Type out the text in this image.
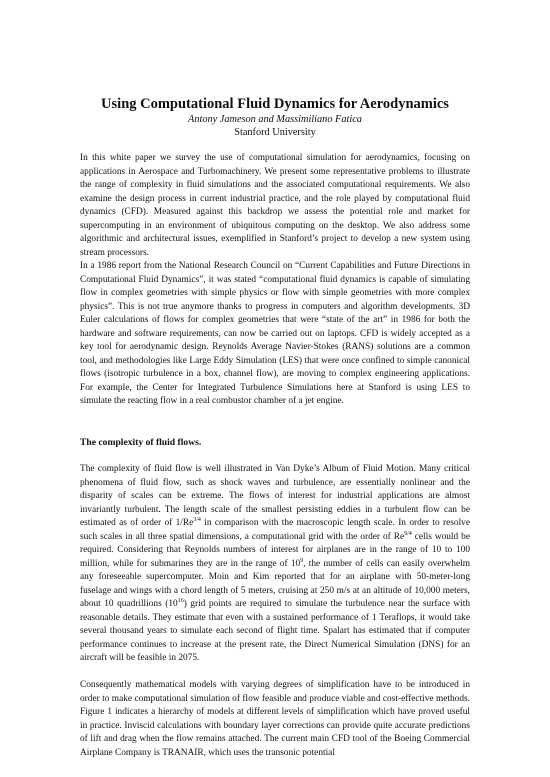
Using Computational Fluid Dynamics for Aerodynamics
Antony Jameson and Massimiliano Fatica
Stanford University

In this white paper we survey the use of computational simulation for aerodynamics, focusing on applications in Aerospace and Turbomachinery. We present some representative problems to illustrate the range of complexity in fluid simulations and the associated computational requirements. We also examine the design process in current industrial practice, and the role played by computational fluid dynamics (CFD). Measured against this backdrop we assess the potential role and market for supercomputing in an environment of ubiquitous computing on the desktop. We also address some algorithmic and architectural issues, exemplified in Stanford’s project to develop a new system using stream processors.

In a 1986 report from the National Research Council on “Current Capabilities and Future Directions in Computational Fluid Dynamics”, it was stated “computational fluid dynamics is capable of simulating flow in complex geometries with simple physics or flow with simple geometries with more complex physics”. This is not true anymore thanks to progress in computers and algorithm developments. 3D Euler calculations of flows for complex geometries that were “state of the art” in 1986 for both the hardware and software requirements, can now be carried out on laptops. CFD is widely accepted as a key tool for aerodynamic design. Reynolds Average Navier-Stokes (RANS) solutions are a common tool, and methodologies like Large Eddy Simulation (LES) that were once confined to simple canonical flows (isotropic turbulence in a box, channel flow), are moving to complex engineering applications. For example, the Center for Integrated Turbulence Simulations here at Stanford is using LES to simulate the reacting flow in a real combustor chamber of a jet engine.

The complexity of fluid flows.

The complexity of fluid flow is well illustrated in Van Dyke’s Album of Fluid Motion. Many critical phenomena of fluid flow, such as shock waves and turbulence, are essentially nonlinear and the disparity of scales can be extreme. The flows of interest for industrial applications are almost invariantly turbulent. The length scale of the smallest persisting eddies in a turbulent flow can be estimated as of order of $1/Re^{3/4}$ in comparison with the macroscopic length scale. In order to resolve such scales in all three spatial dimensions, a computational grid with the order of $Re^{9/4}$ cells would be required. Considering that Reynolds numbers of interest for airplanes are in the range of 10 to 100 million, while for submarines they are in the range of $10^9$, the number of cells can easily overwhelm any foreseeable supercomputer. Moin and Kim reported that for an airplane with 50-meter-long fuselage and wings with a chord length of 5 meters, cruising at 250 m/s at an altitude of 10,000 meters, about 10 quadrillions $(10^{16})$ grid points are required to simulate the turbulence near the surface with reasonable details. They estimate that even with a sustained performance of 1 Teraflops, it would take several thousand years to simulate each second of flight time. Spalart has estimated that if computer performance continues to increase at the present rate, the Direct Numerical Simulation (DNS) for an aircraft will be feasible in 2075.

Consequently mathematical models with varying degrees of simplification have to be introduced in order to make computational simulation of flow feasible and produce viable and cost-effective methods. Figure 1 indicates a hierarchy of models at different levels of simplification which have proved useful in practice. Inviscid calculations with boundary layer corrections can provide quite accurate predictions of lift and drag when the flow remains attached. The current main CFD tool of the Boeing Commercial Airplane Company is TRANAIR, which uses the transonic potential
